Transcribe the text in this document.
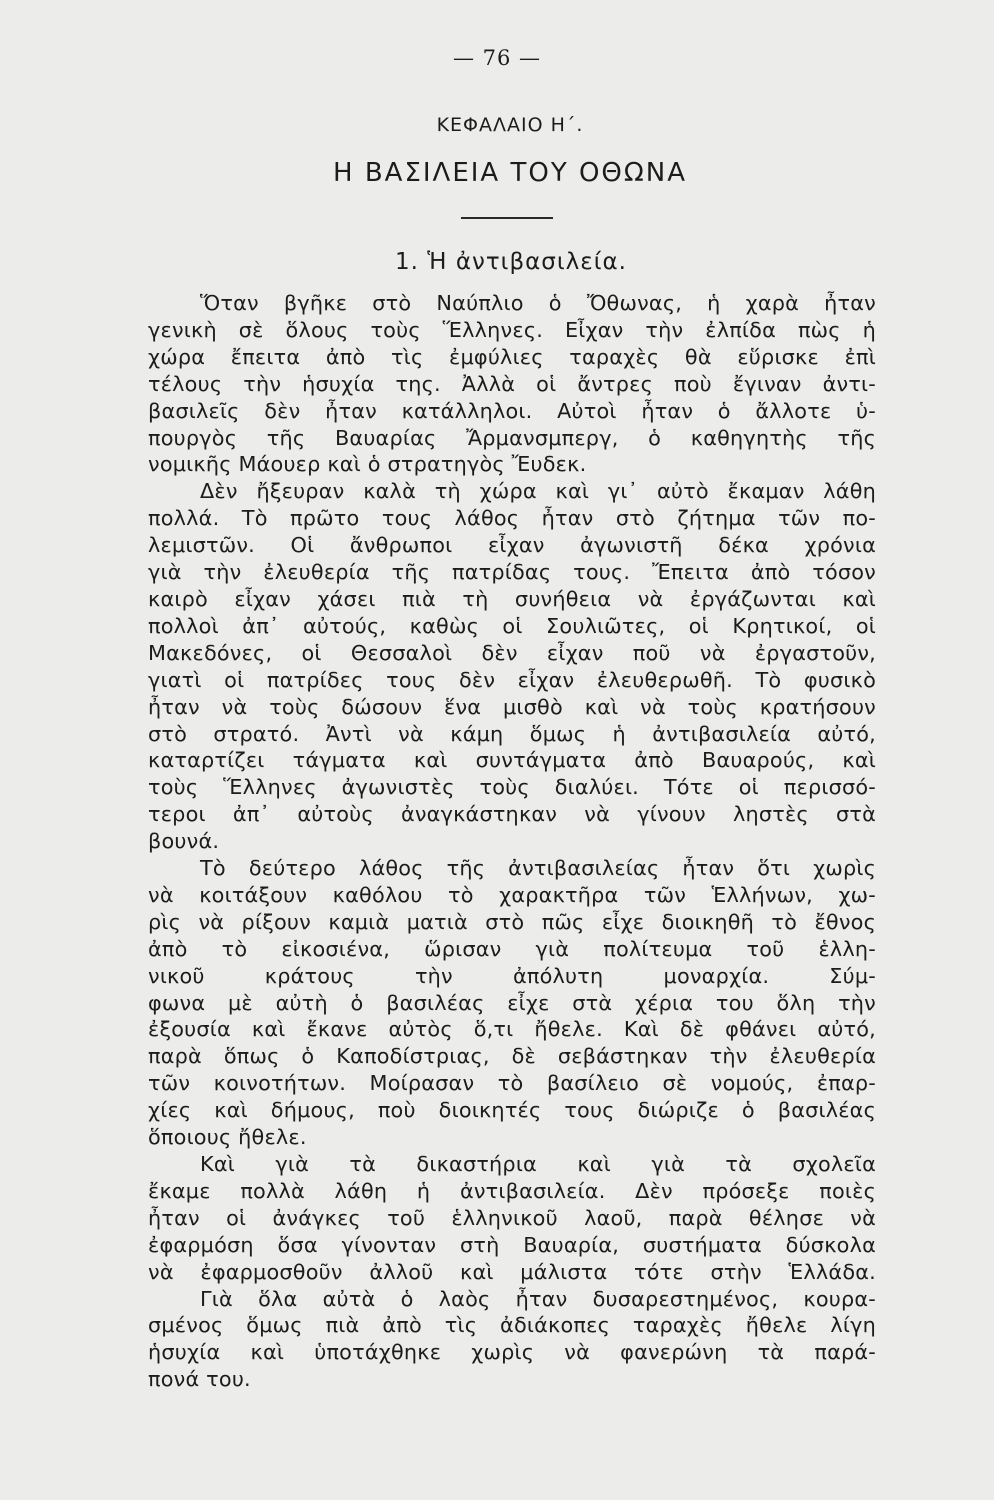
— 76 —
ΚΕΦΑΛΑΙΟ Η΄.
Η ΒΑΣΙΛΕΙΑ ΤΟΥ ΟΘΩΝΑ
1. Ἡ ἀντιβασιλεία.
Ὅταν βγῆκε στὸ Ναύπλιο ὁ Ὄθωνας, ἡ χαρὰ ἦταν
γενικὴ σὲ ὅλους τοὺς Ἕλληνες. Εἶχαν τὴν ἐλπίδα πὼς ἡ
χώρα ἔπειτα ἀπὸ τὶς ἐμφύλιες ταραχὲς θὰ εὕρισκε ἐπὶ
τέλους τὴν ἡσυχία της. Ἀλλὰ οἱ ἄντρες ποὺ ἔγιναν ἀντι-
βασιλεῖς δὲν ἦταν κατάλληλοι. Αὐτοὶ ἦταν ὁ ἄλλοτε ὑ-
πουργὸς τῆς Βαυαρίας Ἄρμανσμπεργ, ὁ καθηγητὴς τῆς
νομικῆς Μάουερ καὶ ὁ στρατηγὸς Ἔυδεκ.
Δὲν ἤξευραν καλὰ τὴ χώρα καὶ γι᾿ αὐτὸ ἔκαμαν λάθη
πολλά. Τὸ πρῶτο τους λάθος ἦταν στὸ ζήτημα τῶν πο-
λεμιστῶν. Οἱ ἄνθρωποι εἶχαν ἀγωνιστῆ δέκα χρόνια
γιὰ τὴν ἐλευθερία τῆς πατρίδας τους. Ἔπειτα ἀπὸ τόσον
καιρὸ εἶχαν χάσει πιὰ τὴ συνήθεια νὰ ἐργάζωνται καὶ
πολλοὶ ἀπ᾿ αὐτούς, καθὼς οἱ Σουλιῶτες, οἱ Κρητικοί, οἱ
Μακεδόνες, οἱ Θεσσαλοὶ δὲν εἶχαν ποῦ νὰ ἐργαστοῦν,
γιατὶ οἱ πατρίδες τους δὲν εἶχαν ἐλευθερωθῆ. Τὸ φυσικὸ
ἦταν νὰ τοὺς δώσουν ἕνα μισθὸ καὶ νὰ τοὺς κρατήσουν
στὸ στρατό. Ἀντὶ νὰ κάμη ὅμως ἡ ἀντιβασιλεία αὐτό,
καταρτίζει τάγματα καὶ συντάγματα ἀπὸ Βαυαρούς, καὶ
τοὺς Ἕλληνες ἀγωνιστὲς τοὺς διαλύει. Τότε οἱ περισσό-
τεροι ἀπ᾿ αὐτοὺς ἀναγκάστηκαν νὰ γίνουν ληστὲς στὰ
βουνά.
Τὸ δεύτερο λάθος τῆς ἀντιβασιλείας ἦταν ὅτι χωρὶς
νὰ κοιτάξουν καθόλου τὸ χαρακτῆρα τῶν Ἑλλήνων, χω-
ρὶς νὰ ρίξουν καμιὰ ματιὰ στὸ πῶς εἶχε διοικηθῆ τὸ ἔθνος
ἀπὸ τὸ εἰκοσιένα, ὥρισαν γιὰ πολίτευμα τοῦ ἑλλη-
νικοῦ κράτους τὴν ἀπόλυτη μοναρχία. Σύμ-
φωνα μὲ αὐτὴ ὁ βασιλέας εἶχε στὰ χέρια του ὅλη τὴν
ἐξουσία καὶ ἔκανε αὐτὸς ὅ,τι ἤθελε. Καὶ δὲ φθάνει αὐτό,
παρὰ ὅπως ὁ Καποδίστριας, δὲ σεβάστηκαν τὴν ἐλευθερία
τῶν κοινοτήτων. Μοίρασαν τὸ βασίλειο σὲ νομούς, ἐπαρ-
χίες καὶ δήμους, ποὺ διοικητές τους διώριζε ὁ βασιλέας
ὅποιους ἤθελε.
Καὶ γιὰ τὰ δικαστήρια καὶ γιὰ τὰ σχολεῖα
ἔκαμε πολλὰ λάθη ἡ ἀντιβασιλεία. Δὲν πρόσεξε ποιὲς
ἦταν οἱ ἀνάγκες τοῦ ἑλληνικοῦ λαοῦ, παρὰ θέλησε νὰ
ἐφαρμόση ὅσα γίνονταν στὴ Βαυαρία, συστήματα δύσκολα
νὰ ἐφαρμοσθοῦν ἀλλοῦ καὶ μάλιστα τότε στὴν Ἑλλάδα.
Γιὰ ὅλα αὐτὰ ὁ λαὸς ἦταν δυσαρεστημένος, κουρα-
σμένος ὅμως πιὰ ἀπὸ τὶς ἀδιάκοπες ταραχὲς ἤθελε λίγη
ἡσυχία καὶ ὑποτάχθηκε χωρὶς νὰ φανερώνη τὰ παρά-
πονά του.
